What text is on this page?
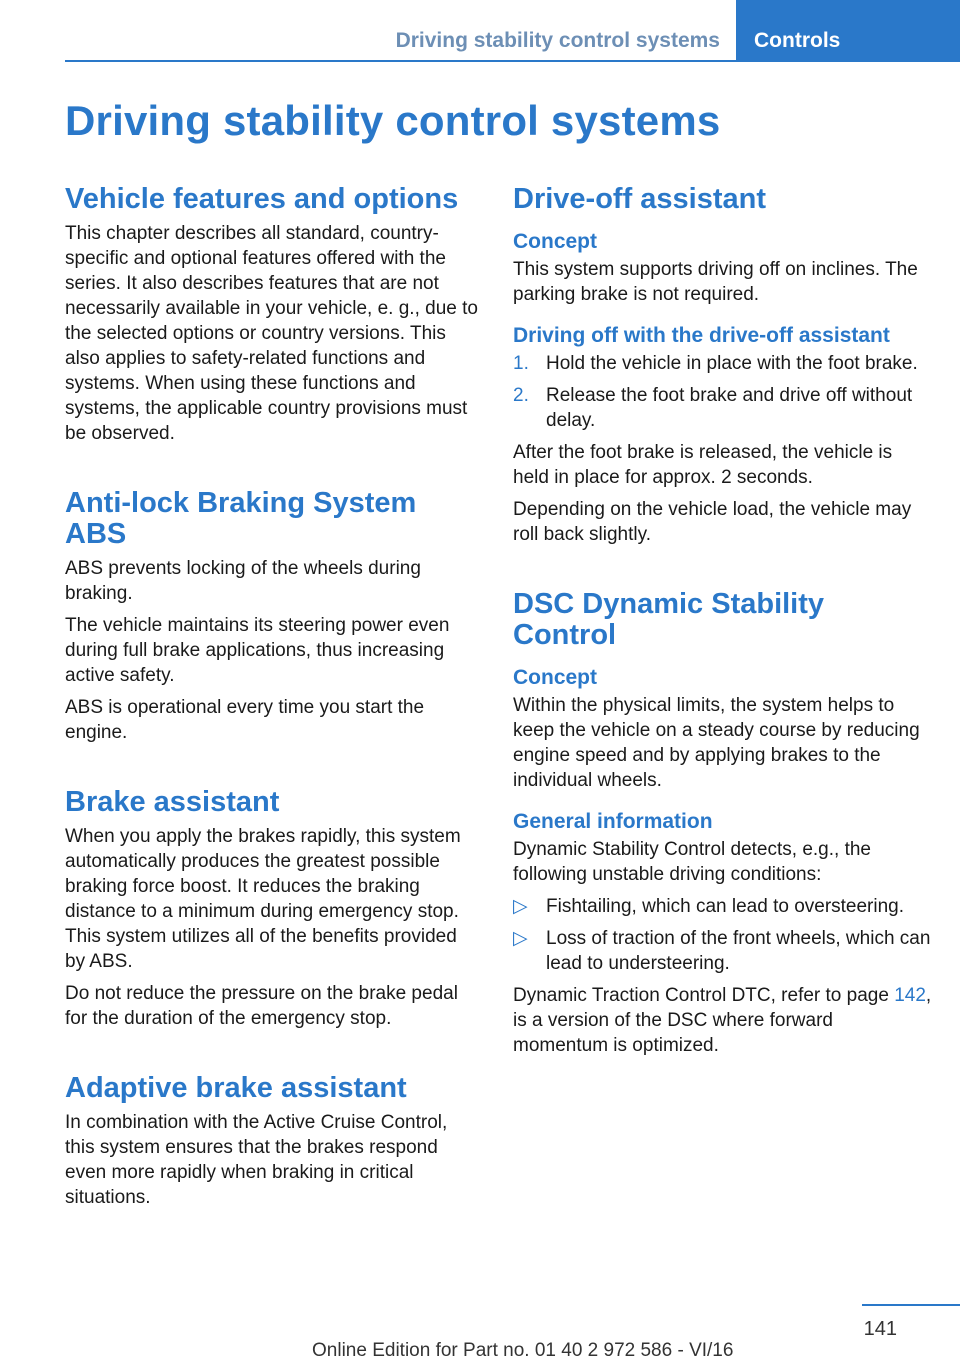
Driving stability control systems	Controls
Driving stability control systems
Vehicle features and options

This chapter describes all standard, country-specific and optional features offered with the series. It also describes features that are not necessarily available in your vehicle, e. g., due to the selected options or country versions. This also applies to safety-related functions and systems. When using these functions and systems, the applicable country provisions must be observed.

Anti-lock Braking System ABS

ABS prevents locking of the wheels during braking.

The vehicle maintains its steering power even during full brake applications, thus increasing active safety.

ABS is operational every time you start the engine.

Brake assistant

When you apply the brakes rapidly, this system automatically produces the greatest possible braking force boost. It reduces the braking distance to a minimum during emergency stop. This system utilizes all of the benefits provided by ABS.

Do not reduce the pressure on the brake pedal for the duration of the emergency stop.

Adaptive brake assistant

In combination with the Active Cruise Control, this system ensures that the brakes respond even more rapidly when braking in critical situations.

Drive-off assistant
Concept

This system supports driving off on inclines. The parking brake is not required.

Driving off with the drive-off assistant
1. Hold the vehicle in place with the foot brake.
2. Release the foot brake and drive off without delay.

After the foot brake is released, the vehicle is held in place for approx. 2 seconds.

Depending on the vehicle load, the vehicle may roll back slightly.

DSC Dynamic Stability Control
Concept

Within the physical limits, the system helps to keep the vehicle on a steady course by reducing engine speed and by applying brakes to the individual wheels.

General information

Dynamic Stability Control detects, e.g., the following unstable driving conditions:

▷ Fishtailing, which can lead to oversteering.
▷ Loss of traction of the front wheels, which can lead to understeering.

Dynamic Traction Control DTC, refer to page 142, is a version of the DSC where forward momentum is optimized.

141
Online Edition for Part no. 01 40 2 972 586 - VI/16
